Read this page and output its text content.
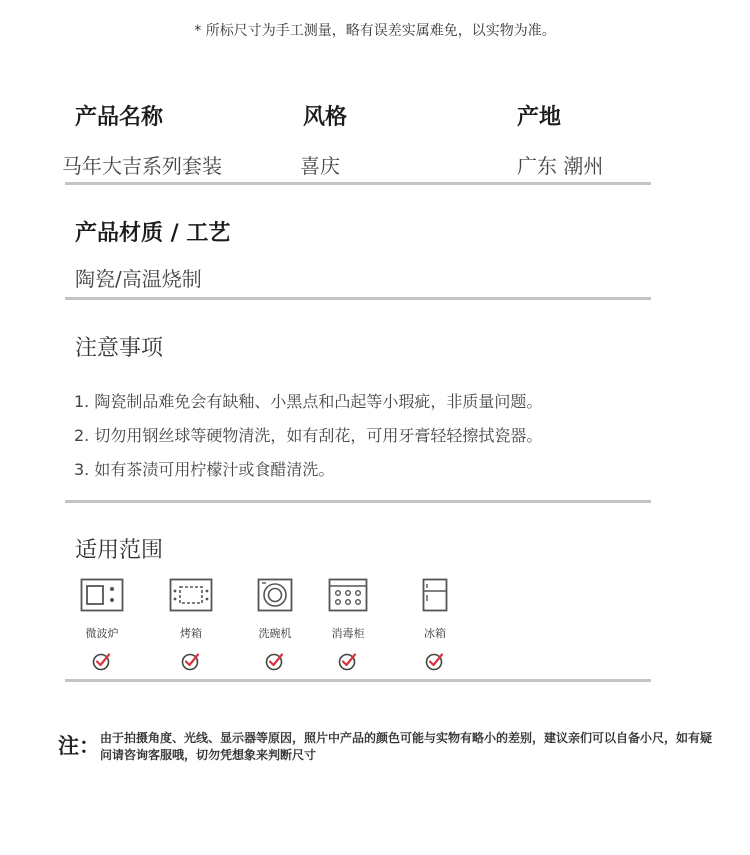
* 所标尺寸为手工测量，略有误差实属难免，以实物为准。
产品名称	风格	产地
马年大吉系列套装	喜庆	广东 潮州
产品材质 / 工艺
陶瓷/高温烧制
注意事项
1. 陶瓷制品难免会有缺釉、小黑点和凸起等小瑕疵，非质量问题。
2. 切勿用钢丝球等硬物清洗，如有刮花，可用牙膏轻轻擦拭瓷器。
3. 如有茶渍可用柠檬汁或食醋清洗。
适用范围
微波炉	烤箱	洗碗机	消毒柜	冰箱
注： 由于拍摄角度、光线、显示器等原因，照片中产品的颜色可能与实物有略小的差别，建议亲们可以自备小尺，如有疑问请咨询客服哦，切勿凭想象来判断尺寸
